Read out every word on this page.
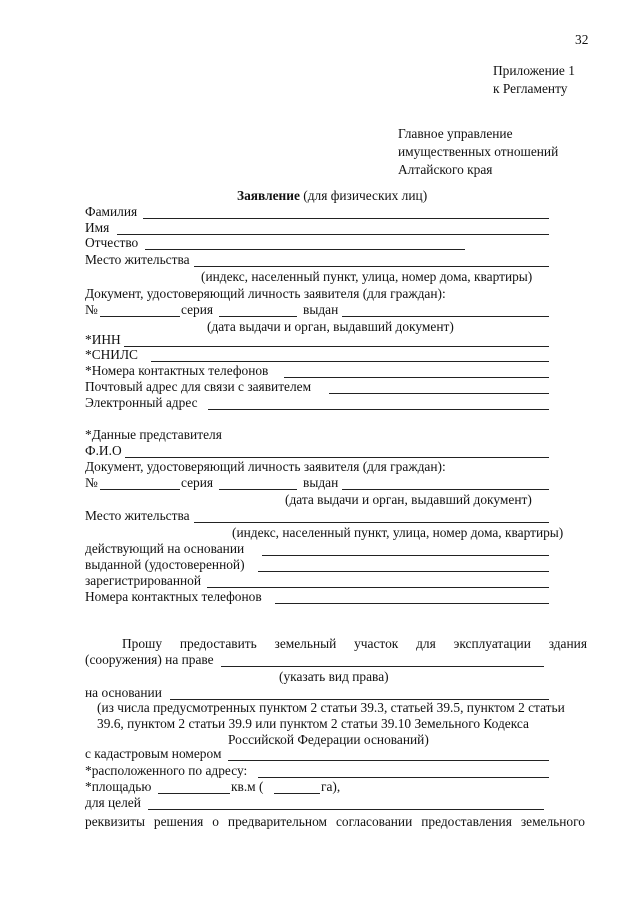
32
Приложение 1
к Регламенту
Главное управление
имущественных отношений
Алтайского края
Заявление (для физических лиц)
Фамилия
Имя
Отчество
Место жительства
(индекс, населенный пункт, улица, номер дома, квартиры)
Документ, удостоверяющий личность заявителя (для граждан):
№	серия	выдан
(дата выдачи и орган, выдавший документ)
*ИНН
*СНИЛС
*Номера контактных телефонов
Почтовый адрес для связи с заявителем
Электронный адрес
*Данные представителя
Ф.И.О
Документ, удостоверяющий личность заявителя (для граждан):
№	серия	выдан
(дата выдачи и орган, выдавший документ)
Место жительства
(индекс, населенный пункт, улица, номер дома, квартиры)
действующий на основании
выданной (удостоверенной)
зарегистрированной
Номера контактных телефонов
Прошу предоставить земельный участок для эксплуатации здания
(сооружения) на праве
(указать вид права)
на основании
(из числа предусмотренных пунктом 2 статьи 39.3, статьей 39.5, пунктом 2 статьи
39.6, пунктом 2 статьи 39.9 или пунктом 2 статьи 39.10 Земельного Кодекса
Российской Федерации оснований)
с кадастровым номером
*расположенного по адресу:
*площадью	кв.м (	га),
для целей
реквизиты решения о предварительном согласовании предоставления земельного
